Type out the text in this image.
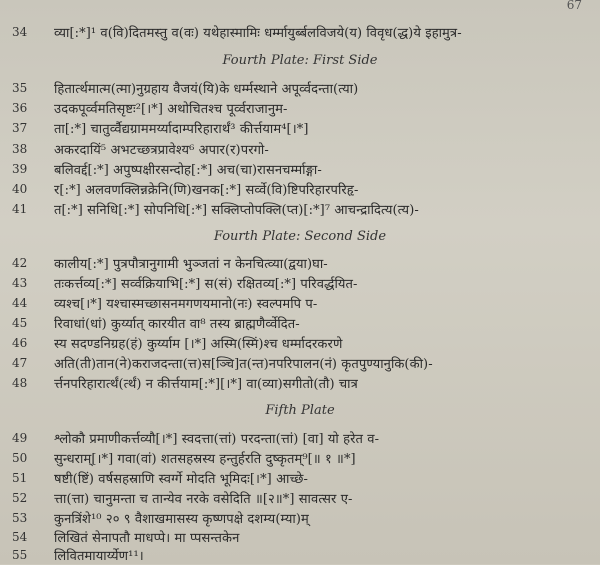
67
34	व्या[:*]¹ व(वि)दितमस्तु व(वः) यथेहास्मामिः धर्म्मायुर्ब्बलविजये(य) विवृध(द्ध)ये इहामुत्र-
Fourth Plate: First Side
35	हितार्त्थमात्म(त्मा)नुग्रहाय वैजयं(यि)के धर्म्मस्थाने अपूर्व्वदन्ता(त्या)
36	उदकपूर्व्वमतिसृष्टः²[।*] अथोचितश्च पूर्व्वराजानुम-
37	ता[:*] चातुर्व्वैद्यग्राममर्य्यादाम्परिहारार्थं³ कीर्त्तयाम⁴[।*]
38	अकरदायिं⁵ अभटच्छत्रप्रावेश्य⁶ अपार(र)परगो-
39	बलिवर्द्द[:*] अपुष्पक्षीरसन्दोह[:*] अच(चा)रासनचर्म्माङ्गा-
40	र[:*] अलवणक्लिन्नक्रेनि(णि)खनक[:*] सर्व्वे(वि)ष्टिपरिहारपरिहृ-
41	त[:*] सनिधि[:*] सोपनिधि[:*] सक्लिप्तोपक्लि(प्त)[:*]⁷ आचन्द्रादित्य(त्य)-
Fourth Plate: Second Side
42	कालीय[:*] पुत्रपौत्रानुगामी भुञ्जतां न केनचित्व्या(द्वया)घा-
43	तःकर्त्तव्य[:*] सर्व्वक्रियाभि[:*] स(सं) रक्षितव्य[:*] परिवर्द्धयित-
44	व्यश्च[।*] यश्चास्मच्छासनमगणयमानो(नः) स्वल्पमपि प-
45	रिवाधां(धां) कुर्य्यात् कारयीत वा⁸ तस्य ब्राह्मणैर्व्वेदित-
46	स्य सदण्डनिग्रह(हं) कुर्य्याम [।*] अस्मि(स्मिं)श्च धर्म्मादरकरणे
47	अति(ती)तान(ने)कराजदन्ता(त्त)स[ञ्चि]त(न्त)नपरिपालन(नं) कृतपुण्यानुकि(की)-
48	र्त्तनपरिहारार्त्थं(र्त्थं) न कीर्त्तयाम[:*][।*] वा(व्या)सगीतो(तौ) चात्र
Fifth Plate
49	श्लोकौ प्रमाणीकर्त्तव्यौ[।*] स्वदत्ता(त्तां) परदन्ता(त्तां) [वा] यो हरेत व-
50	सुन्धराम्[।*] गवा(वां) शतसहस्रस्य हन्तुर्हरति दुष्कृतम्⁹[॥ १ ॥*]
51	षष्टी(ष्टिं) वर्षसहस्राणि स्वर्ग्गे मोदति भूमिदः[।*] आच्छे-
52	त्ता(त्ता) चानुमन्ता च तान्येव नरके वसेदिति ॥[२॥*] सावत्सर ए-
53	कुनत्रिंशे¹⁰ २० ९ वैशाखमासस्य कृष्णपक्षे दशम्य(म्या)म्
54	लिखितं सेनापतौ माधप्पे। मा प्पसन्तकेन
55	लिवितमायार्य्येण¹¹।
